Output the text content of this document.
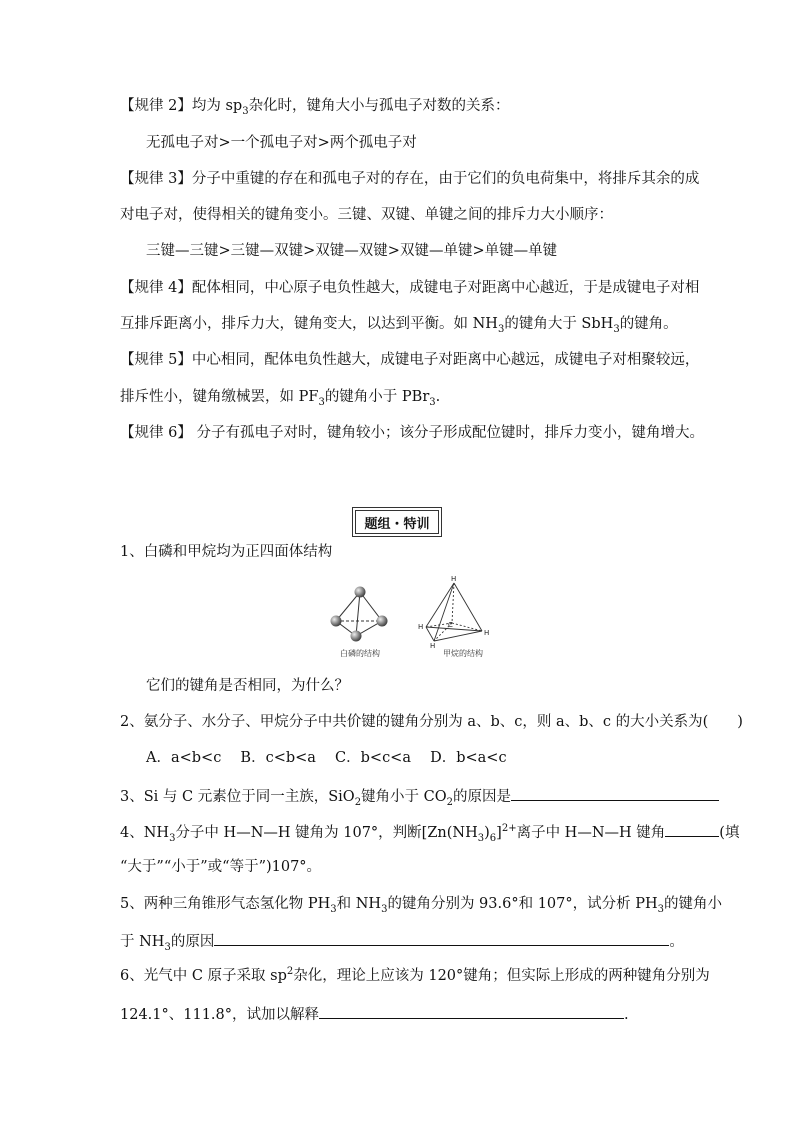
【规律 2】均为 $sp_3$杂化时，键角大小与孤电子对数的关系：
无孤电子对>一个孤电子对>两个孤电子对
【规律 3】分子中重键的存在和孤电子对的存在，由于它们的负电荷集中，将排斥其余的成
对电子对，使得相关的键角变小。三键、双键、单键之间的排斥力大小顺序：
三键—三键>三键—双键>双键—双键>双键—单键>单键—单键
【规律 4】配体相同，中心原子电负性越大，成键电子对距离中心越近，于是成键电子对相
互排斥距离小，排斥力大，键角变大，以达到平衡。如 $NH_3$的键角大于 SbH$_3$的键角。
【规律 5】中心相同，配体电负性越大，成键电子对距离中心越远，成键电子对相聚较远，
排斥性小，键角缴械罢，如 $PF_3$的键角小于 PBr$_3$.
【规律 6】 分子有孤电子对时，键角较小；该分子形成配位键时，排斥力变小，键角增大。
题组・特训
1、白磷和甲烷均为正四面体结构
白磷的结构
H
H	C
H
H
甲烷的结构
它们的键角是否相同，为什么？
2、氨分子、水分子、甲烷分子中共价键的键角分别为 a、b、c，则 a、b、c 的大小关系为(　　)
A．a<b<c　 B．c<b<a　 C．b<c<a　 D．b<a<c
3、Si 与 C 元素位于同一主族，SiO$_2$键角小于 $CO_2$的原因是
4、$NH_3$分子中 H—N—H 键角为 107°，判断$[Zn(NH_3)_6]^{2+}$离子中 H—N—H 键角	(填
“大于”“小于”或“等于”)107°。
5、两种三角锥形气态氢化物 $PH_3$和 $NH_3$的键角分别为 93.6°和 107°，试分析 $PH_3$的键角小
于 $NH_3$的原因	。
6、光气中 C 原子采取 $sp^2$杂化，理论上应该为 120°键角；但实际上形成的两种键角分别为
124.1°、111.8°，试加以解释	.
